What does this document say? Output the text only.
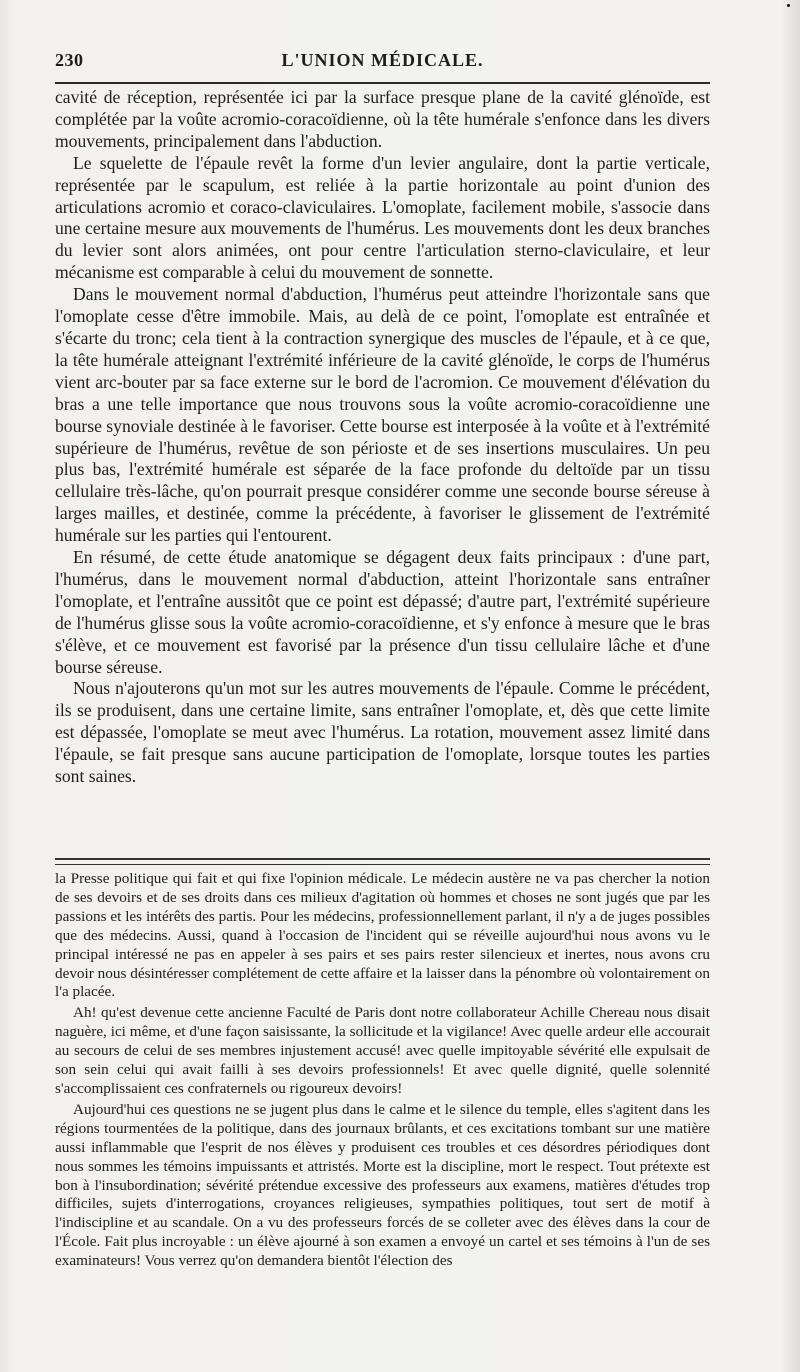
230	L'UNION MÉDICALE.

cavité de réception, représentée ici par la surface presque plane de la cavité glénoïde, est complétée par la voûte acromio-coracoïdienne, où la tête humérale s'enfonce dans les divers mouvements, principalement dans l'abduction.

Le squelette de l'épaule revêt la forme d'un levier angulaire, dont la partie verticale, représentée par le scapulum, est reliée à la partie horizontale au point d'union des articulations acromio et coraco-claviculaires. L'omoplate, facilement mobile, s'associe dans une certaine mesure aux mouvements de l'humérus. Les mouvements dont les deux branches du levier sont alors animées, ont pour centre l'articulation sterno-claviculaire, et leur mécanisme est comparable à celui du mouvement de sonnette.

Dans le mouvement normal d'abduction, l'humérus peut atteindre l'horizontale sans que l'omoplate cesse d'être immobile. Mais, au delà de ce point, l'omoplate est entraînée et s'écarte du tronc; cela tient à la contraction synergique des muscles de l'épaule, et à ce que, la tête humérale atteignant l'extrémité inférieure de la cavité glénoïde, le corps de l'humérus vient arc-bouter par sa face externe sur le bord de l'acromion. Ce mouvement d'élévation du bras a une telle importance que nous trouvons sous la voûte acromio-coracoïdienne une bourse synoviale destinée à le favoriser. Cette bourse est interposée à la voûte et à l'extrémité supérieure de l'humérus, revêtue de son périoste et de ses insertions musculaires. Un peu plus bas, l'extrémité humérale est séparée de la face profonde du deltoïde par un tissu cellulaire très-lâche, qu'on pourrait presque considérer comme une seconde bourse séreuse à larges mailles, et destinée, comme la précédente, à favoriser le glissement de l'extrémité humérale sur les parties qui l'entourent.

En résumé, de cette étude anatomique se dégagent deux faits principaux : d'une part, l'humérus, dans le mouvement normal d'abduction, atteint l'horizontale sans entraîner l'omoplate, et l'entraîne aussitôt que ce point est dépassé; d'autre part, l'extrémité supérieure de l'humérus glisse sous la voûte acromio-coracoïdienne, et s'y enfonce à mesure que le bras s'élève, et ce mouvement est favorisé par la présence d'un tissu cellulaire lâche et d'une bourse séreuse.

Nous n'ajouterons qu'un mot sur les autres mouvements de l'épaule. Comme le précédent, ils se produisent, dans une certaine limite, sans entraîner l'omoplate, et, dès que cette limite est dépassée, l'omoplate se meut avec l'humérus. La rotation, mouvement assez limité dans l'épaule, se fait presque sans aucune participation de l'omoplate, lorsque toutes les parties sont saines.

la Presse politique qui fait et qui fixe l'opinion médicale. Le médecin austère ne va pas chercher la notion de ses devoirs et de ses droits dans ces milieux d'agitation où hommes et choses ne sont jugés que par les passions et les intérêts des partis. Pour les médecins, professionnellement parlant, il n'y a de juges possibles que des médecins. Aussi, quand à l'occasion de l'incident qui se réveille aujourd'hui nous avons vu le principal intéressé ne pas en appeler à ses pairs et ses pairs rester silencieux et inertes, nous avons cru devoir nous désintéresser complétement de cette affaire et la laisser dans la pénombre où volontairement on l'a placée.

Ah! qu'est devenue cette ancienne Faculté de Paris dont notre collaborateur Achille Chereau nous disait naguère, ici même, et d'une façon saisissante, la sollicitude et la vigilance! Avec quelle ardeur elle accourait au secours de celui de ses membres injustement accusé! avec quelle impitoyable sévérité elle expulsait de son sein celui qui avait failli à ses devoirs professionnels! Et avec quelle dignité, quelle solennité s'accomplissaient ces confraternels ou rigoureux devoirs!

Aujourd'hui ces questions ne se jugent plus dans le calme et le silence du temple, elles s'agitent dans les régions tourmentées de la politique, dans des journaux brûlants, et ces excitations tombant sur une matière aussi inflammable que l'esprit de nos élèves y produisent ces troubles et ces désordres périodiques dont nous sommes les témoins impuissants et attristés. Morte est la discipline, mort le respect. Tout prétexte est bon à l'insubordination; sévérité prétendue excessive des professeurs aux examens, matières d'études trop difficiles, sujets d'interrogations, croyances religieuses, sympathies politiques, tout sert de motif à l'indiscipline et au scandale. On a vu des professeurs forcés de se colleter avec des élèves dans la cour de l'École. Fait plus incroyable : un élève ajourné à son examen a envoyé un cartel et ses témoins à l'un de ses examinateurs! Vous verrez qu'on demandera bientôt l'élection des
